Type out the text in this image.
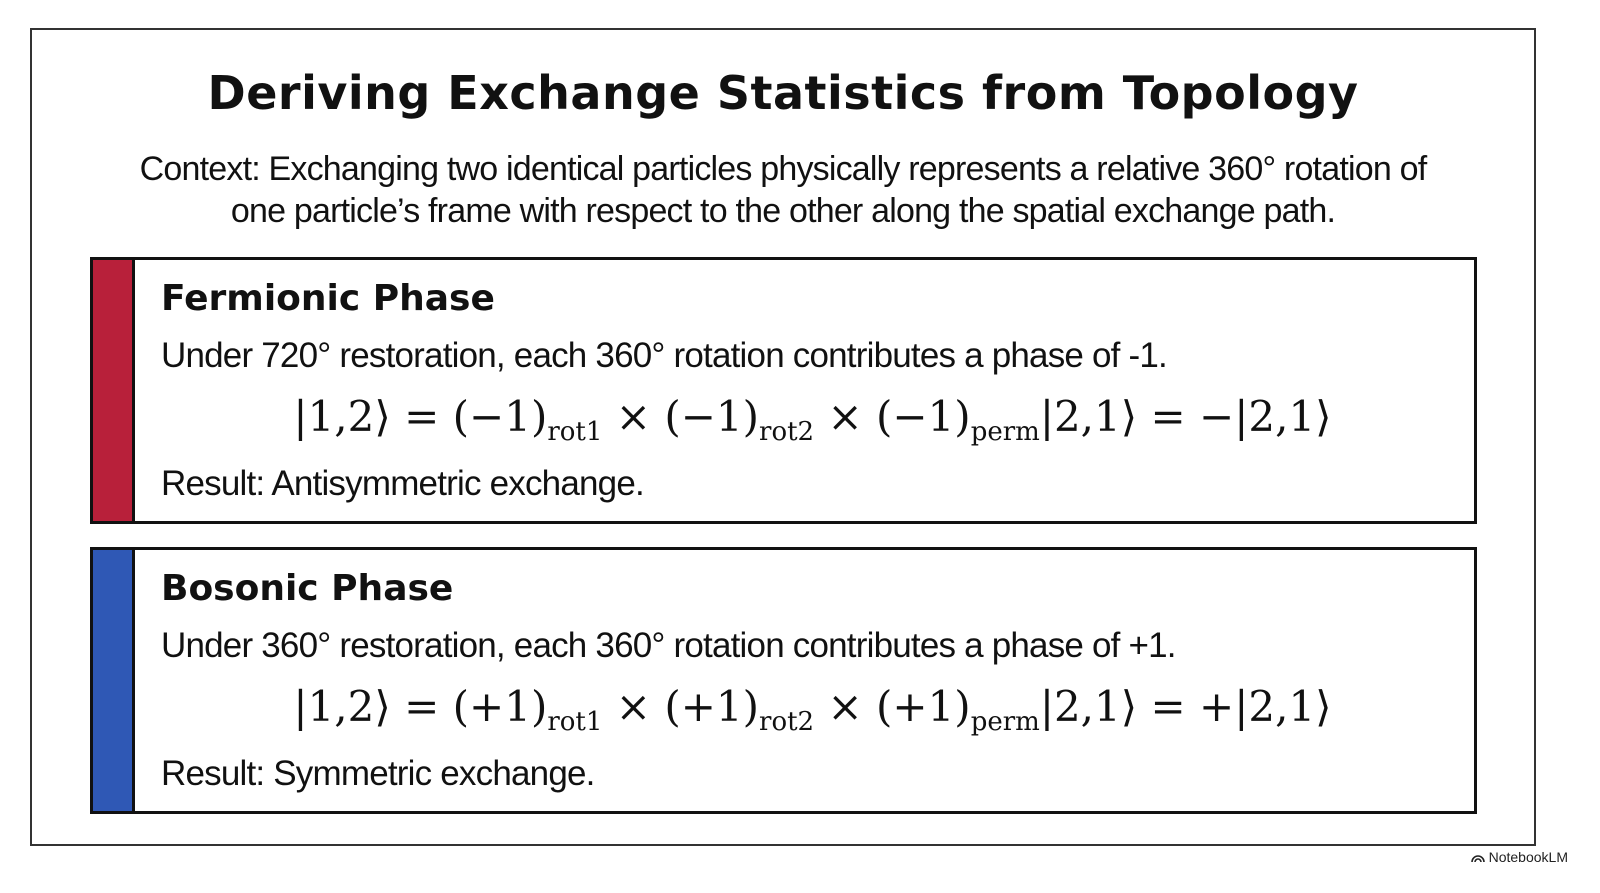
Deriving Exchange Statistics from Topology
Context: Exchanging two identical particles physically represents a relative 360° rotation of one particle’s frame with respect to the other along the spatial exchange path.
Fermionic Phase
Under 720° restoration, each 360° rotation contributes a phase of -1.
|1,2⟩ = $(-1)_{rot1} \times (-1)_{rot2}$ × $(-1)_{perm}|2,1⟩$ = −|2,1⟩
Result: Antisymmetric exchange.
Bosonic Phase
Under 360° restoration, each 360° rotation contributes a phase of +1.
|1,2⟩ = $(+1)_{rot1} \times (+1)_{rot2}$ × $(+1)_{perm}|2,1⟩$ = +|2,1⟩
Result: Symmetric exchange.
NotebookLM
